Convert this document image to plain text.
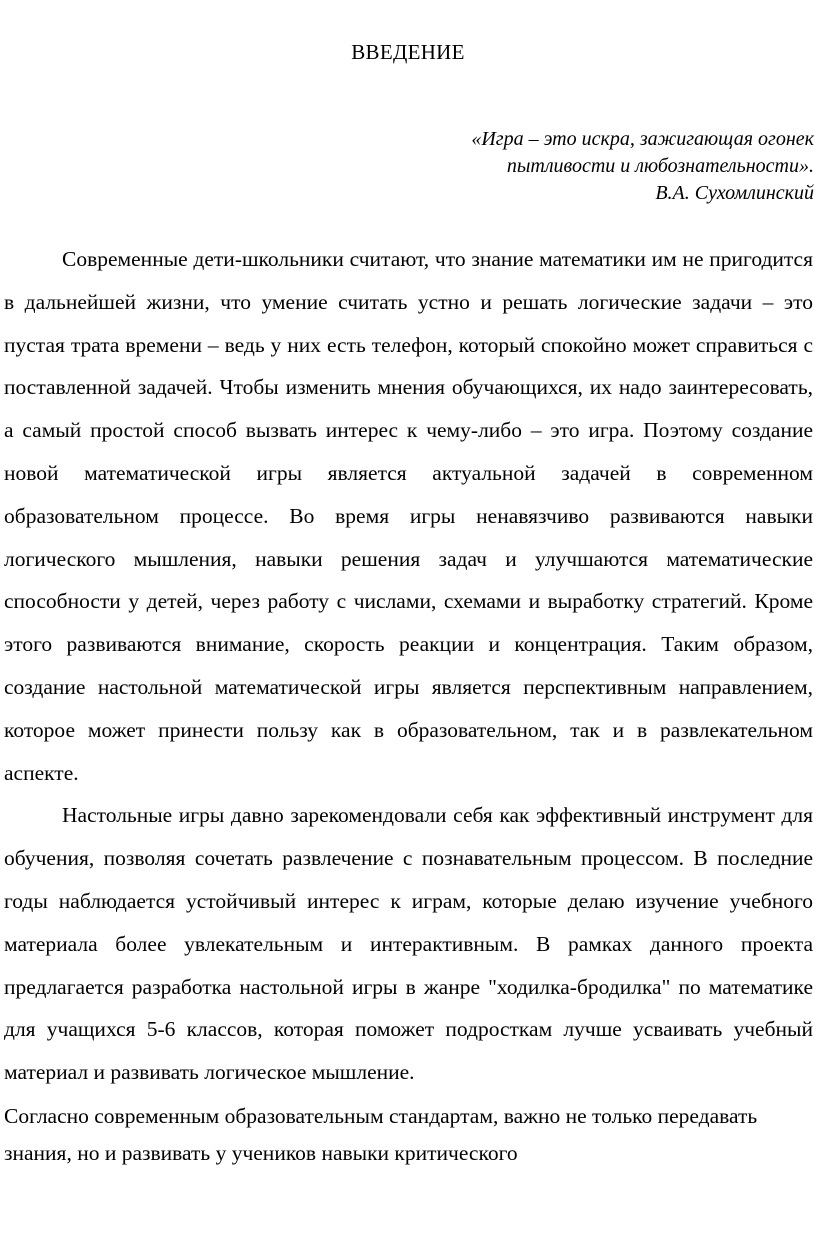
ВВЕДЕНИЕ
«Игра – это искра, зажигающая огонек
пытливости и любознательности».
В.А. Сухомлинский

Современные дети-школьники считают, что знание математики им не пригодится в дальнейшей жизни, что умение считать устно и решать логические задачи – это пустая трата времени – ведь у них есть телефон, который спокойно может справиться с поставленной задачей. Чтобы изменить мнения обучающихся, их надо заинтересовать, а самый простой способ вызвать интерес к чему-либо – это игра. Поэтому создание новой математической игры является актуальной задачей в современном образовательном процессе. Во время игры ненавязчиво развиваются навыки логического мышления, навыки решения задач и улучшаются математические способности у детей, через работу с числами, схемами и выработку стратегий. Кроме этого развиваются внимание, скорость реакции и концентрация. Таким образом, создание настольной математической игры является перспективным направлением, которое может принести пользу как в образовательном, так и в развлекательном аспекте.

Настольные игры давно зарекомендовали себя как эффективный инструмент для обучения, позволяя сочетать развлечение с познавательным процессом. В последние годы наблюдается устойчивый интерес к играм, которые делаю изучение учебного материала более увлекательным и интерактивным. В рамках данного проекта предлагается разработка настольной игры в жанре "ходилка-бродилка" по математике для учащихся 5-6 классов, которая поможет подросткам лучше усваивать учебный материал и развивать логическое мышление.

Согласно современным образовательным стандартам, важно не только передавать знания, но и развивать у учеников навыки критического
